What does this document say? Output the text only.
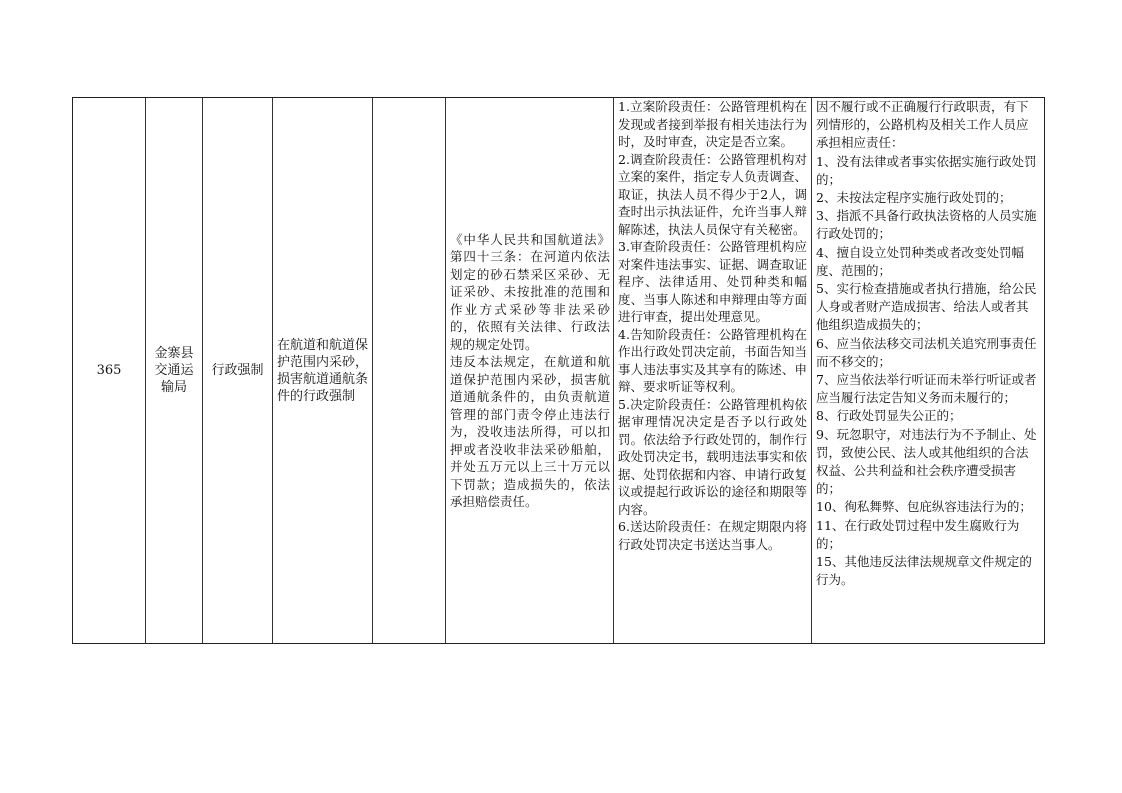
365
金寨县交通运输局
行政强制
在航道和航道保护范围内采砂，损害航道通航条件的行政强制

《中华人民共和国航道法》第四十三条：在河道内依法划定的砂石禁采区采砂、无证采砂、未按批准的范围和作业方式采砂等非法采砂的，依照有关法律、行政法规的规定处罚。

违反本法规定，在航道和航道保护范围内采砂，损害航道通航条件的，由负责航道管理的部门责令停止违法行为，没收违法所得，可以扣押或者没收非法采砂船舶，并处五万元以上三十万元以下罚款；造成损失的，依法承担赔偿责任。

1.立案阶段责任：公路管理机构在发现或者接到举报有相关违法行为时，及时审查，决定是否立案。

2.调查阶段责任：公路管理机构对立案的案件，指定专人负责调查、取证，执法人员不得少于2人，调查时出示执法证件，允许当事人辩解陈述，执法人员保守有关秘密。

3.审查阶段责任：公路管理机构应对案件违法事实、证据、调查取证程序、法律适用、处罚种类和幅度、当事人陈述和申辩理由等方面进行审查，提出处理意见。

4.告知阶段责任：公路管理机构在作出行政处罚决定前，书面告知当事人违法事实及其享有的陈述、申辩、要求听证等权利。

5.决定阶段责任：公路管理机构依据审理情况决定是否予以行政处罚。依法给予行政处罚的，制作行政处罚决定书，载明违法事实和依据、处罚依据和内容、申请行政复议或提起行政诉讼的途径和期限等内容。

6.送达阶段责任：在规定期限内将行政处罚决定书送达当事人。

因不履行或不正确履行行政职责，有下列情形的，公路机构及相关工作人员应承担相应责任：

1、没有法律或者事实依据实施行政处罚的；

2、未按法定程序实施行政处罚的；

3、指派不具备行政执法资格的人员实施行政处罚的；

4、擅自设立处罚种类或者改变处罚幅度、范围的；

5、实行检查措施或者执行措施，给公民人身或者财产造成损害、给法人或者其他组织造成损失的；

6、应当依法移交司法机关追究刑事责任而不移交的；

7、应当依法举行听证而未举行听证或者应当履行法定告知义务而未履行的；

8、行政处罚显失公正的；

9、玩忽职守，对违法行为不予制止、处罚，致使公民、法人或其他组织的合法权益、公共利益和社会秩序遭受损害的；

10、徇私舞弊、包庇纵容违法行为的；

11、在行政处罚过程中发生腐败行为的；

15、其他违反法律法规规章文件规定的行为。
